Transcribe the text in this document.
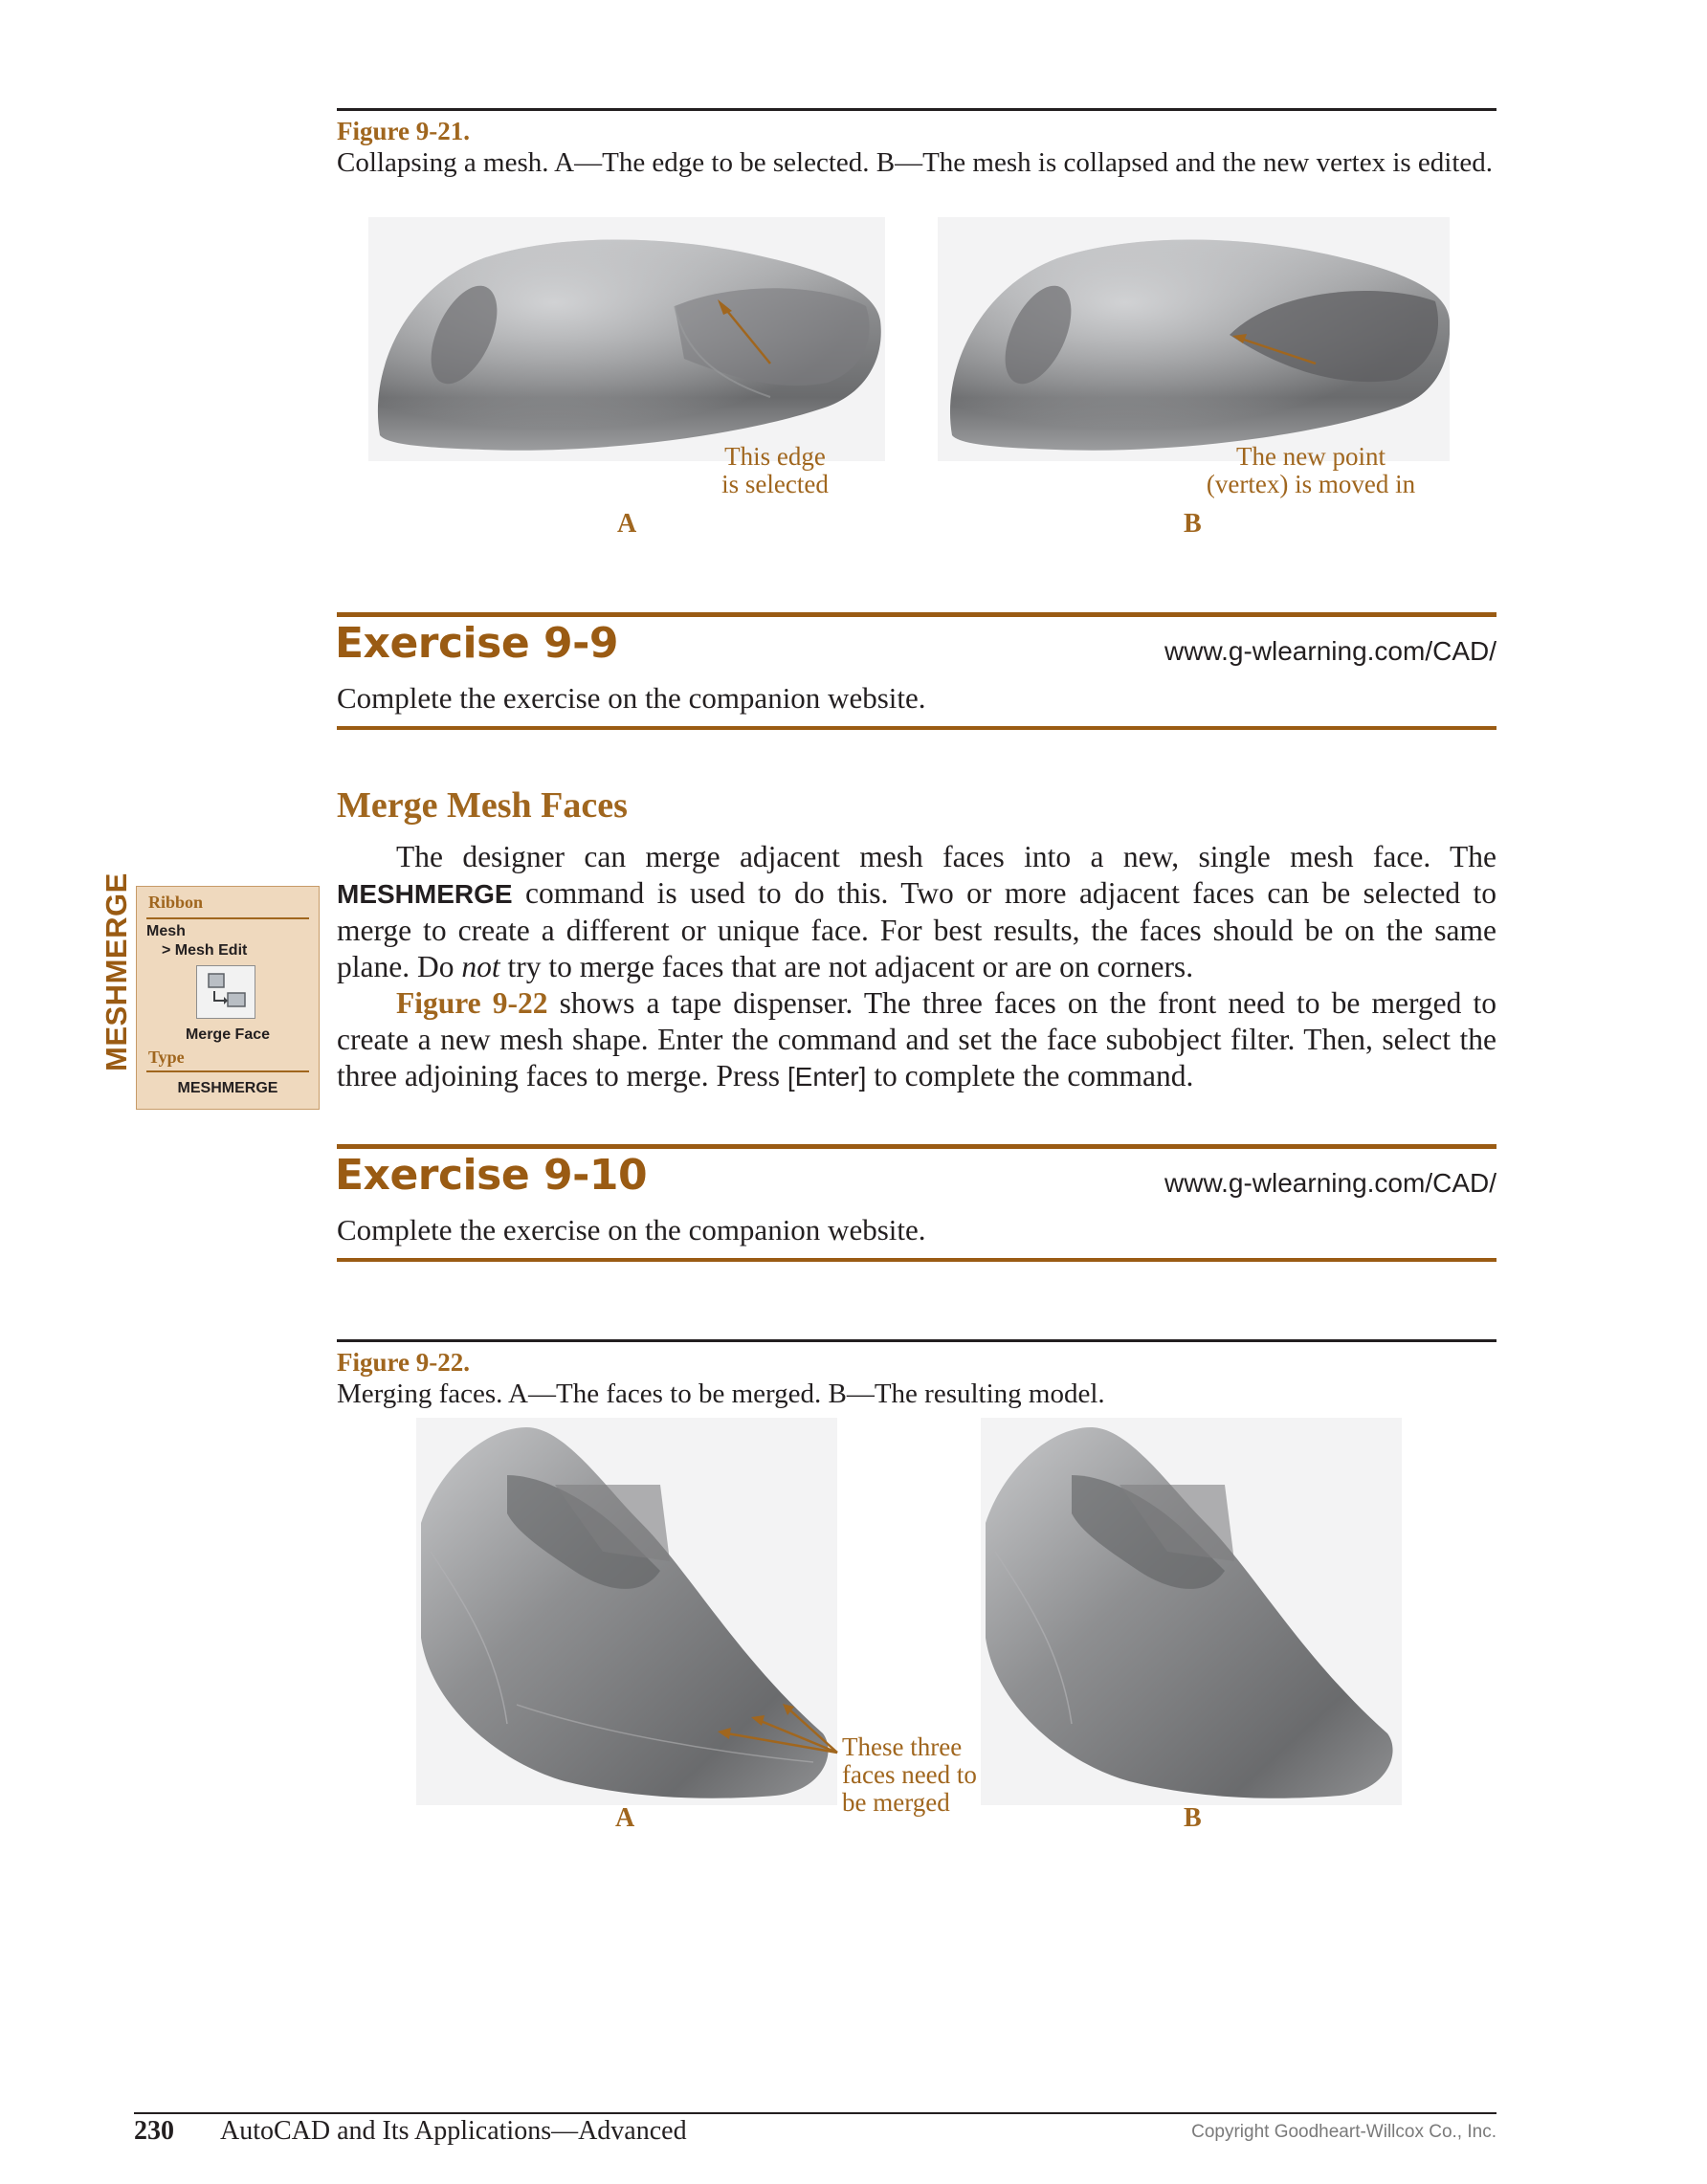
Figure 9-21.
Collapsing a mesh. A—The edge to be selected. B—The mesh is collapsed and the new vertex is edited.
This edge
is selected
The new point
(vertex) is moved in
A	B
Exercise 9-9	www.g-wlearning.com/CAD/
Complete the exercise on the companion website.
Merge Mesh Faces

The designer can merge adjacent mesh faces into a new, single mesh face. The MESHMERGE command is used to do this. Two or more adjacent faces can be selected to merge to create a different or unique face. For best results, the faces should be on the same plane. Do not try to merge faces that are not adjacent or are on corners.

Figure 9-22 shows a tape dispenser. The three faces on the front need to be merged to create a new mesh shape. Enter the command and set the face subobject filter. Then, select the three adjoining faces to merge. Press [Enter] to complete the command.

MESHMERGE Ribbon
Mesh
> Mesh Edit
Merge Face
Type
MESHMERGE
Exercise 9-10	www.g-wlearning.com/CAD/
Complete the exercise on the companion website.
Figure 9-22.
Merging faces. A—The faces to be merged. B—The resulting model.
These three
faces need to
be merged
A	B
230 AutoCAD and Its Applications—Advanced	Copyright Goodheart-Willcox Co., Inc.
